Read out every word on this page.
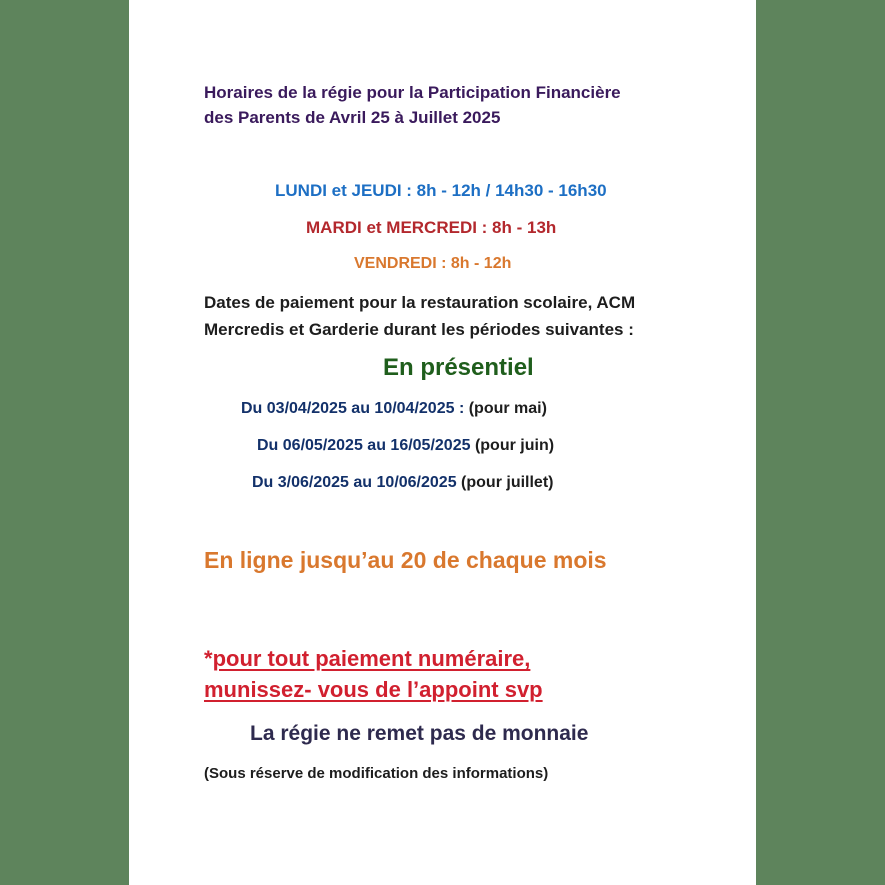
Horaires de la régie pour la Participation Financière
des Parents de Avril 25 à Juillet 2025
LUNDI et JEUDI : 8h - 12h / 14h30 - 16h30
MARDI et MERCREDI : 8h - 13h
VENDREDI : 8h - 12h
Dates de paiement pour la restauration scolaire, ACM
Mercredis et Garderie durant les périodes suivantes :
En présentiel
Du 03/04/2025 au 10/04/2025 : (pour mai)
Du 06/05/2025 au 16/05/2025 (pour juin)
Du 3/06/2025 au 10/06/2025 (pour juillet)
En ligne jusqu’au 20 de chaque mois
*pour tout paiement numéraire,
munissez- vous de l’appoint svp
La régie ne remet pas de monnaie
(Sous réserve de modification des informations)
